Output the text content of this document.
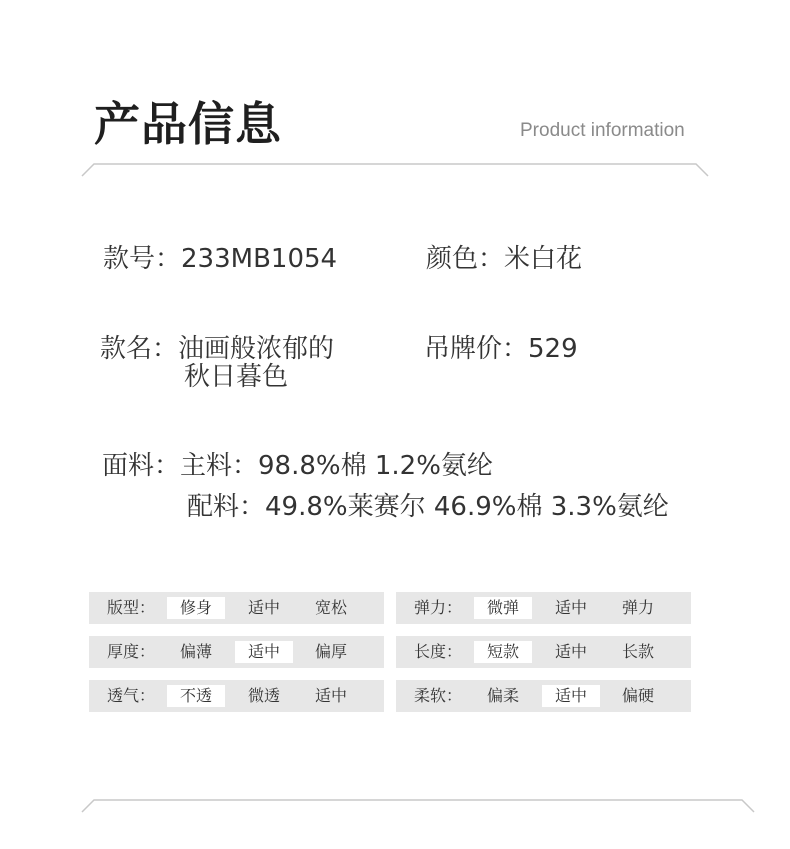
产品信息	Product information
款号：233MB1054	颜色：米白花
款名：油画般浓郁的
秋日暮色
吊牌价：529
面料：主料：98.8%棉 1.2%氨纶
配料：49.8%莱赛尔 46.9%棉 3.3%氨纶
版型：	修身	适中	宽松	弹力：	微弹	适中	弹力
厚度：	偏薄	适中	偏厚	长度：	短款	适中	长款
透气：	不透	微透	适中	柔软：	偏柔	适中	偏硬
